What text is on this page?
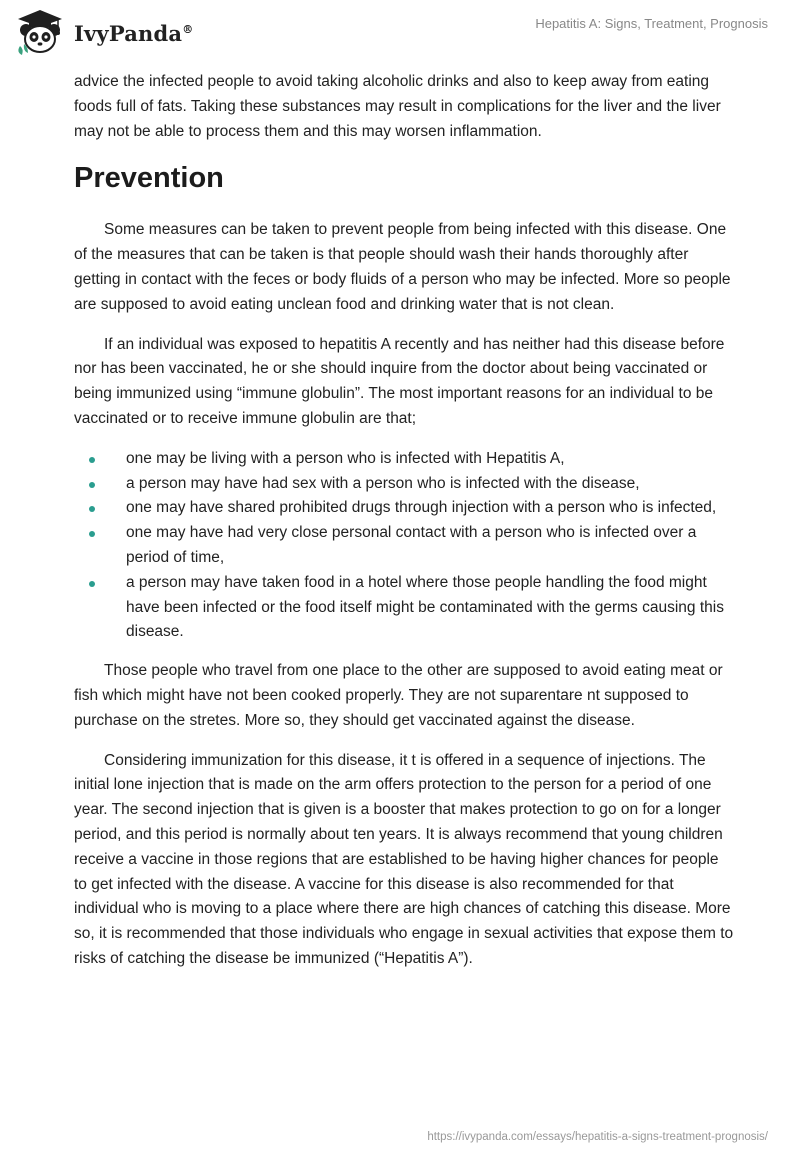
IvyPanda®	Hepatitis A: Signs, Treatment, Prognosis

advice the infected people to avoid taking alcoholic drinks and also to keep away from eating foods full of fats. Taking these substances may result in complications for the liver and the liver may not be able to process them and this may worsen inflammation.

Prevention

Some measures can be taken to prevent people from being infected with this disease. One of the measures that can be taken is that people should wash their hands thoroughly after getting in contact with the feces or body fluids of a person who may be infected. More so people are supposed to avoid eating unclean food and drinking water that is not clean.

If an individual was exposed to hepatitis A recently and has neither had this disease before nor has been vaccinated, he or she should inquire from the doctor about being vaccinated or being immunized using “immune globulin”. The most important reasons for an individual to be vaccinated or to receive immune globulin are that;

one may be living with a person who is infected with Hepatitis A,
a person may have had sex with a person who is infected with the disease,
one may have shared prohibited drugs through injection with a person who is infected,
one may have had very close personal contact with a person who is infected over a period of time,
a person may have taken food in a hotel where those people handling the food might have been infected or the food itself might be contaminated with the germs causing this disease.

Those people who travel from one place to the other are supposed to avoid eating meat or fish which might have not been cooked properly. They are not suparentare nt supposed to purchase on the stretes. More so, they should get vaccinated against the disease.

Considering immunization for this disease, it t is offered in a sequence of injections. The initial lone injection that is made on the arm offers protection to the person for a period of one year. The second injection that is given is a booster that makes protection to go on for a longer period, and this period is normally about ten years. It is always recommend that young children receive a vaccine in those regions that are established to be having higher chances for people to get infected with the disease. A vaccine for this disease is also recommended for that individual who is moving to a place where there are high chances of catching this disease. More so, it is recommended that those individuals who engage in sexual activities that expose them to risks of catching the disease be immunized (“Hepatitis A”).

https://ivypanda.com/essays/hepatitis-a-signs-treatment-prognosis/
